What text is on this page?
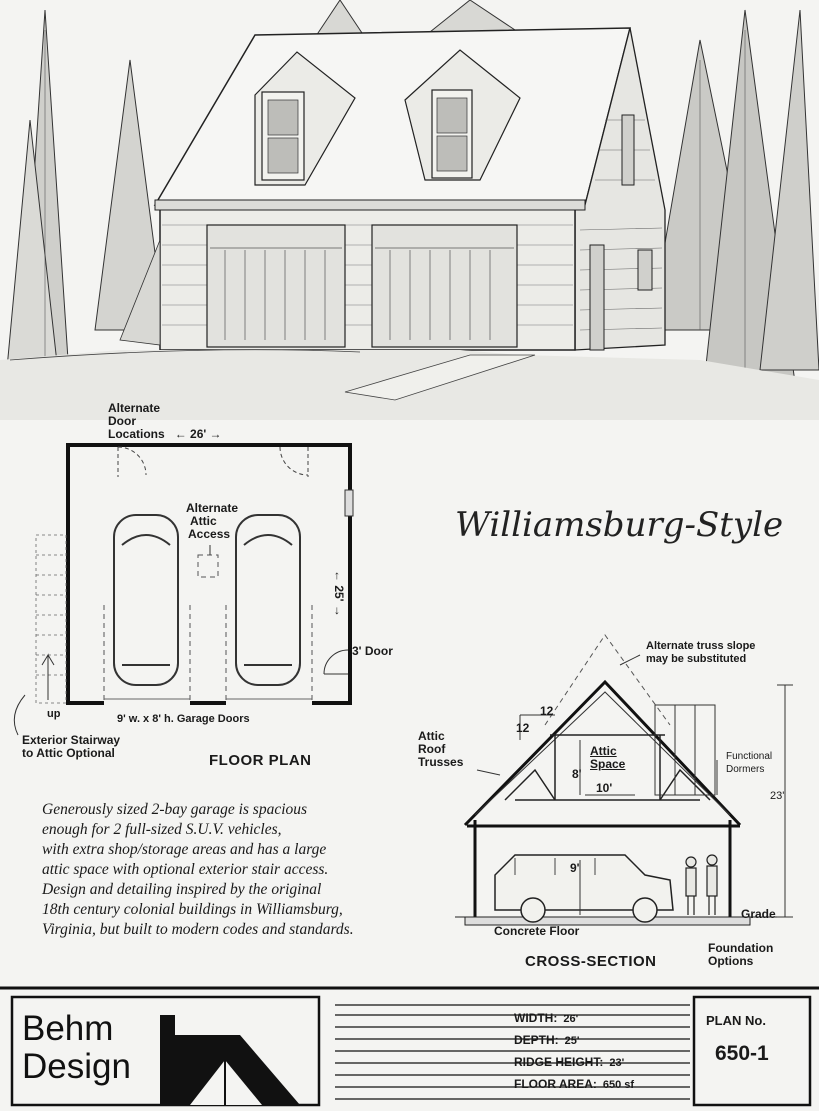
Alternate
Door
Locations ← 26' →
Alternate
Attic
Access
← 25' →
3' Door
9' w. x 8' h. Garage Doors
up
Exterior Stairway
to Attic Optional	FLOOR PLAN
Williamsburg-Style
Generously sized 2-bay garage is spacious
enough for 2 full-sized S.U.V. vehicles,
with extra shop/storage areas and has a large
attic space with optional exterior stair access.
Design and detailing inspired by the original
18th century colonial buildings in Williamsburg,
Virginia, but built to modern codes and standards.
Alternate truss slope
may be substituted
12
12
Attic
Roof
Trusses
Attic
Space
8'
10'
Functional
Dormers
23'
9'
Grade
Concrete Floor
Foundation
Options
CROSS-SECTION
Behm
Design
WIDTH: 26'
DEPTH: 25'
RIDGE HEIGHT: 23'
FLOOR AREA: 650 sf
PLAN No.
650-1
